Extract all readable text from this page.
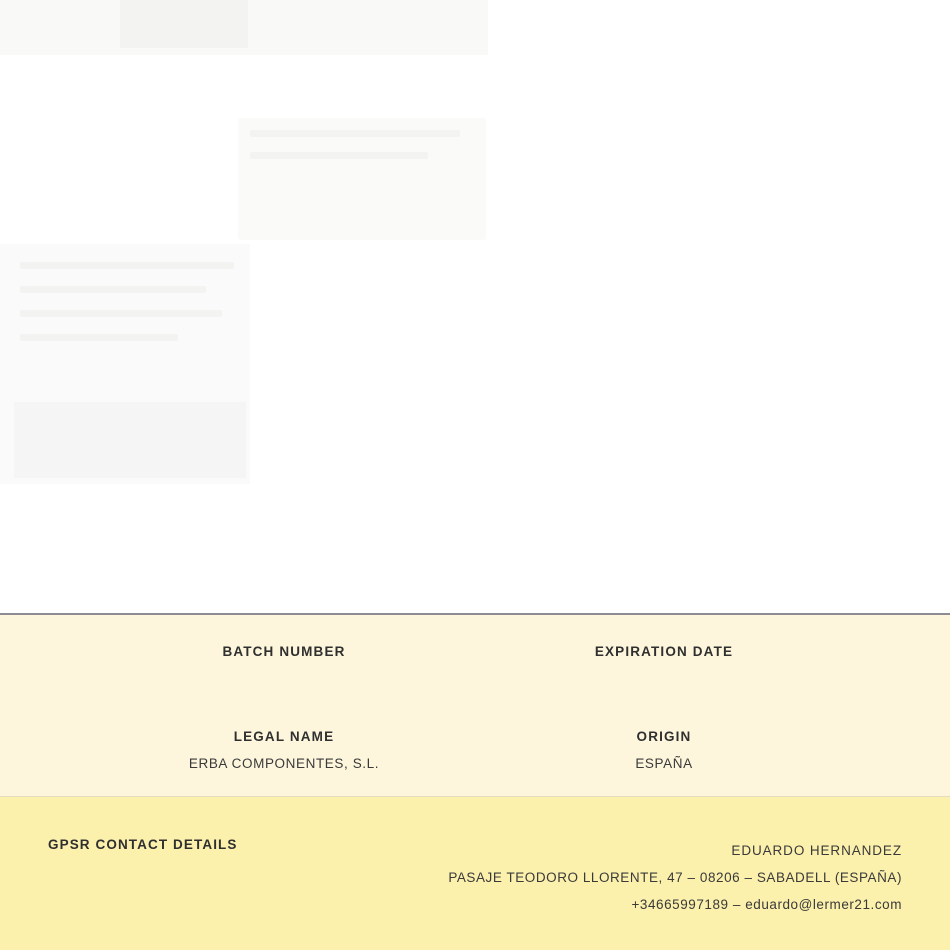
BATCH NUMBER	EXPIRATION DATE
LEGAL NAME
ERBA COMPONENTES, S.L.
ORIGIN
ESPAÑA
GPSR CONTACT DETAILS	EDUARDO HERNANDEZ
PASAJE TEODORO LLORENTE, 47 – 08206 – SABADELL (ESPAÑA)
+34665997189 – eduardo@lermer21.com
